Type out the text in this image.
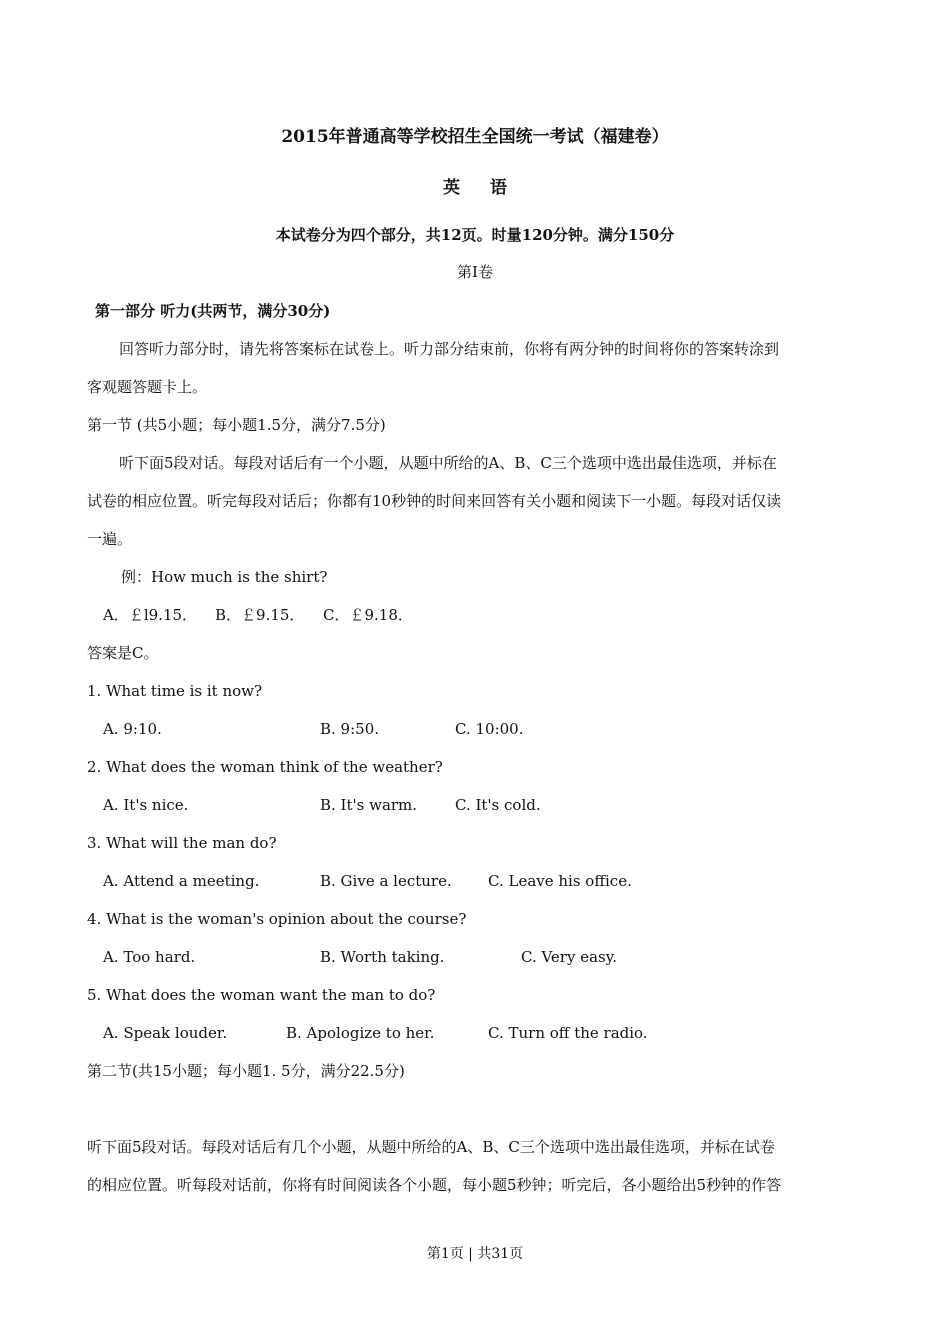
2015年普通高等学校招生全国统一考试（福建卷）
英语
本试卷分为四个部分，共12页。时量120分钟。满分150分
第Ⅰ卷
第一部分 听力(共两节，满分30分)
回答听力部分时，请先将答案标在试卷上。听力部分结束前，你将有两分钟的时间将你的答案转涂到
客观题答题卡上。
第一节 (共5小题；每小题1.5分，满分7.5分)
听下面5段对话。每段对话后有一个小题，从题中所给的A、B、C三个选项中选出最佳选项，并标在
试卷的相应位置。听完每段对话后；你都有10秒钟的时间来回答有关小题和阅读下一小题。每段对话仅读
一遍。
例：How much is the shirt?
A．￡l9.15． B．￡9.15． C．￡9.18．
答案是C。
1. What time is it now?
A. 9:10.	B. 9:50.	C. 10:00.
2. What does the woman think of the weather?
A. It's nice.	B. It's warm.	C. It's cold.
3. What will the man do?
A. Attend a meeting.	B. Give a lecture. C. Leave his office.
4. What is the woman's opinion about the course?
A. Too hard.	B. Worth taking.	C. Very easy.
5. What does the woman want the man to do?
A. Speak louder.	B. Apologize to her.	C. Turn off the radio.
第二节(共15小题；每小题1. 5分，满分22.5分)
听下面5段对话。每段对话后有几个小题，从题中所给的A、B、C三个选项中选出最佳选项，并标在试卷
的相应位置。听每段对话前，你将有时间阅读各个小题，每小题5秒钟；听完后，各小题给出5秒钟的作答
第1页 | 共31页
